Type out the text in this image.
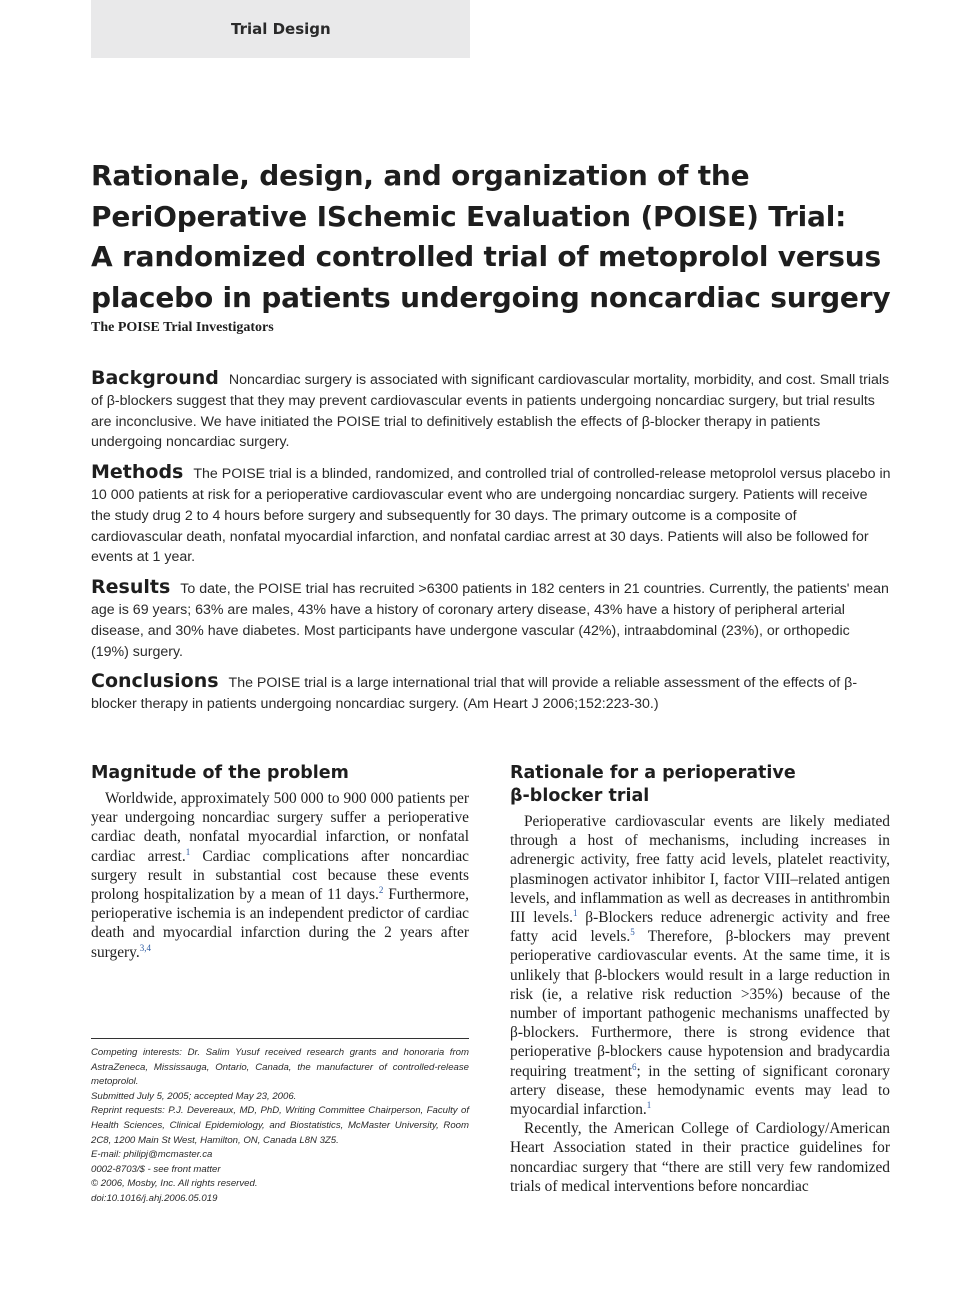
Trial Design
Rationale, design, and organization of the
PeriOperative ISchemic Evaluation (POISE) Trial:
A randomized controlled trial of metoprolol versus
placebo in patients undergoing noncardiac surgery
The POISE Trial Investigators

Background Noncardiac surgery is associated with significant cardiovascular mortality, morbidity, and cost. Small trials of β-blockers suggest that they may prevent cardiovascular events in patients undergoing noncardiac surgery, but trial results are inconclusive. We have initiated the POISE trial to definitively establish the effects of β-blocker therapy in patients undergoing noncardiac surgery.

Methods The POISE trial is a blinded, randomized, and controlled trial of controlled-release metoprolol versus placebo in 10 000 patients at risk for a perioperative cardiovascular event who are undergoing noncardiac surgery. Patients will receive the study drug 2 to 4 hours before surgery and subsequently for 30 days. The primary outcome is a composite of cardiovascular death, nonfatal myocardial infarction, and nonfatal cardiac arrest at 30 days. Patients will also be followed for events at 1 year.

Results To date, the POISE trial has recruited >6300 patients in 182 centers in 21 countries. Currently, the patients' mean age is 69 years; 63% are males, 43% have a history of coronary artery disease, 43% have a history of peripheral arterial disease, and 30% have diabetes. Most participants have undergone vascular (42%), intraabdominal (23%), or orthopedic (19%) surgery.

Conclusions The POISE trial is a large international trial that will provide a reliable assessment of the effects of β-blocker therapy in patients undergoing noncardiac surgery. (Am Heart J 2006;152:223-30.)

Magnitude of the problem

Worldwide, approximately 500 000 to 900 000 patients per year undergoing noncardiac surgery suffer a perioperative cardiac death, nonfatal myocardial infarction, or nonfatal cardiac arrest.$^1$ Cardiac complications after noncardiac surgery result in substantial cost because these events prolong hospitalization by a mean of 11 days.$^2$ Furthermore, perioperative ischemia is an independent predictor of cardiac death and myocardial infarction during the 2 years after surgery.$^{3,4}$

Rationale for a perioperative
β-blocker trial

Perioperative cardiovascular events are likely mediated through a host of mechanisms, including increases in adrenergic activity, free fatty acid levels, platelet reactivity, plasminogen activator inhibitor I, factor VIII–related antigen levels, and inflammation as well as decreases in antithrombin III levels.$^1$ β-Blockers reduce adrenergic activity and free fatty acid levels.$^5$ Therefore, β-blockers may prevent perioperative cardiovascular events. At the same time, it is unlikely that β-blockers would result in a large reduction in risk (ie, a relative risk reduction >35%) because of the number of important pathogenic mechanisms unaffected by β-blockers. Furthermore, there is strong evidence that perioperative β-blockers cause hypotension and bradycardia requiring treatment$^6$; in the setting of significant coronary artery disease, these hemodynamic events may lead to myocardial infarction.$^1$

Recently, the American College of Cardiology/American Heart Association stated in their practice guidelines for noncardiac surgery that “there are still very few randomized trials of medical interventions before noncardiac

Competing interests: Dr. Salim Yusuf received research grants and honoraria from AstraZeneca, Mississauga, Ontario, Canada, the manufacturer of controlled-release metoprolol.
Submitted July 5, 2005; accepted May 23, 2006.
Reprint requests: P.J. Devereaux, MD, PhD, Writing Committee Chairperson, Faculty of Health Sciences, Clinical Epidemiology, and Biostatistics, McMaster University, Room 2C8, 1200 Main St West, Hamilton, ON, Canada L8N 3Z5.
E-mail: philipj@mcmaster.ca
0002-8703/$ - see front matter
© 2006, Mosby, Inc. All rights reserved.
doi:10.1016/j.ahj.2006.05.019
